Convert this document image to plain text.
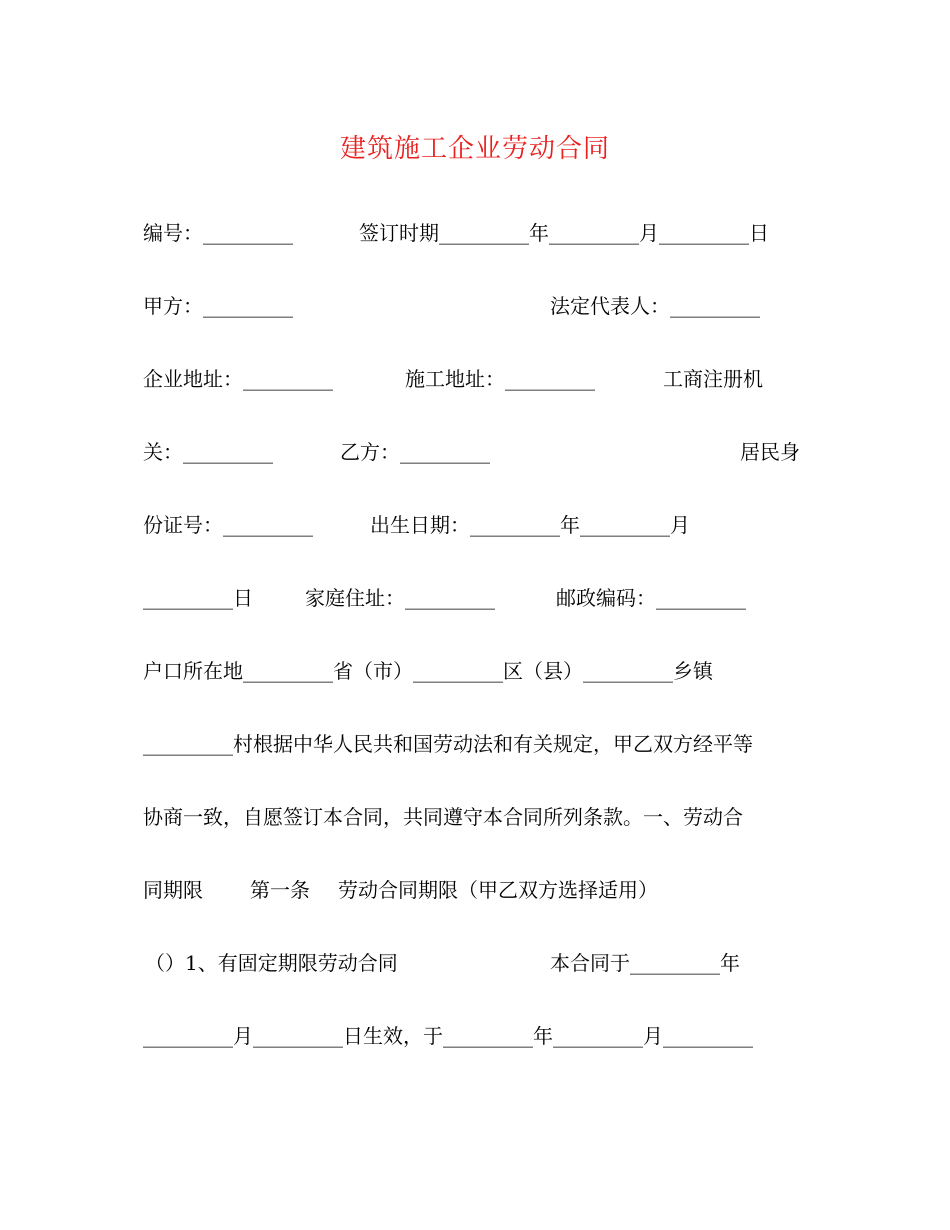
建筑施工企业劳动合同
编号：_________	签订时期_________年_________月_________日
甲方：_________	法定代表人：_________
企业地址：_________	施工地址：_________	工商注册机
关：_________	乙方：_________	居民身
份证号：_________	出生日期：_________年_________月
_________日	家庭住址：_________	邮政编码：_________
户口所在地_________省（市）_________区（县）_________乡镇
_________村根据中华人民共和国劳动法和有关规定，甲乙双方经平等
协商一致，自愿签订本合同，共同遵守本合同所列条款。一、劳动合
同期限 第一条 劳动合同期限（甲乙双方选择适用）
（）1、有固定期限劳动合同	本合同于_________年
_________月_________日生效，于_________年_________月_________
